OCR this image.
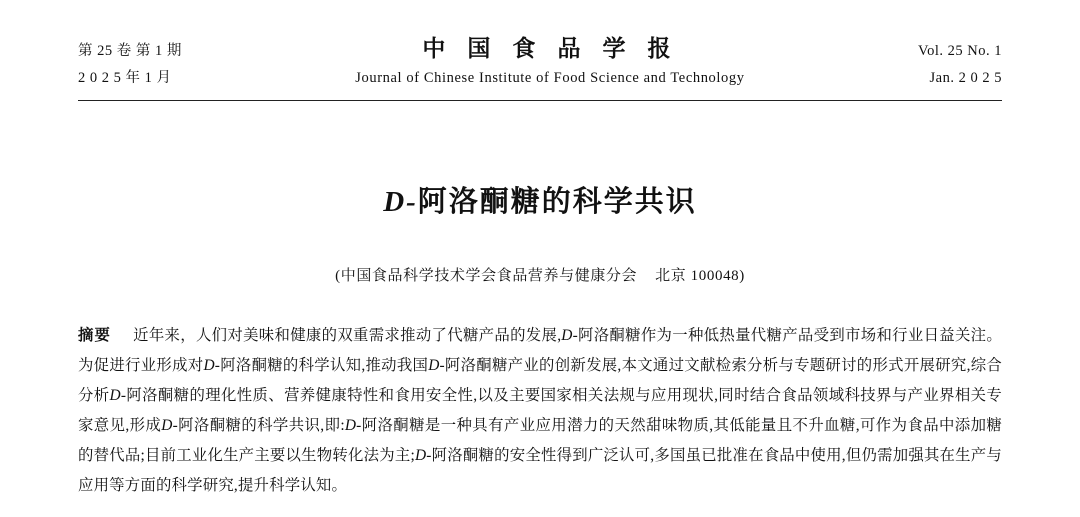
第 25 卷 第 1 期
2 0 2 5 年 1 月
中 国 食 品 学 报
Journal of Chinese Institute of Food Science and Technology
Vol. 25 No. 1
Jan. 2 0 2 5
D-阿洛酮糖的科学共识
(中国食品科学技术学会食品营养与健康分会 北京 100048)
摘要 近年来，人们对美味和健康的双重需求推动了代糖产品的发展,D-阿洛酮糖作为一种低热量代糖产品受到市场和行业日益关注。为促进行业形成对D-阿洛酮糖的科学认知,推动我国D-阿洛酮糖产业的创新发展,本文通过文献检索分析与专题研讨的形式开展研究,综合分析D-阿洛酮糖的理化性质、营养健康特性和食用安全性,以及主要国家相关法规与应用现状,同时结合食品领域科技界与产业界相关专家意见,形成D-阿洛酮糖的科学共识,即:D-阿洛酮糖是一种具有产业应用潜力的天然甜味物质,其低能量且不升血糖,可作为食品中添加糖的替代品;目前工业化生产主要以生物转化法为主;D-阿洛酮糖的安全性得到广泛认可,多国虽已批准在食品中使用,但仍需加强其在生产与应用等方面的科学研究,提升科学认知。
